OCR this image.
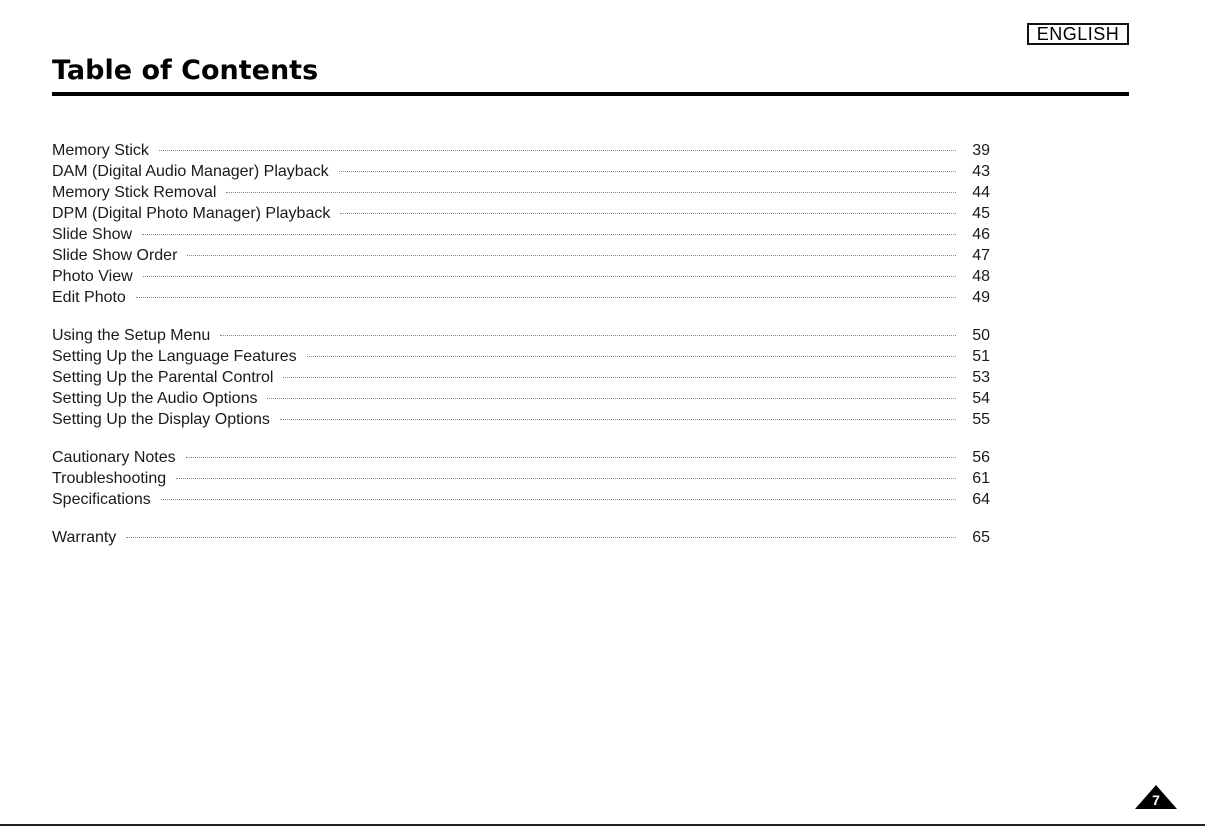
ENGLISH
Table of Contents
Memory Stick	39
DAM (Digital Audio Manager) Playback	43
Memory Stick Removal	44
DPM (Digital Photo Manager) Playback	45
Slide Show	46
Slide Show Order	47
Photo View	48
Edit Photo	49
Using the Setup Menu	50
Setting Up the Language Features	51
Setting Up the Parental Control	53
Setting Up the Audio Options	54
Setting Up the Display Options	55
Cautionary Notes	56
Troubleshooting	61
Specifications	64
Warranty	65
7
